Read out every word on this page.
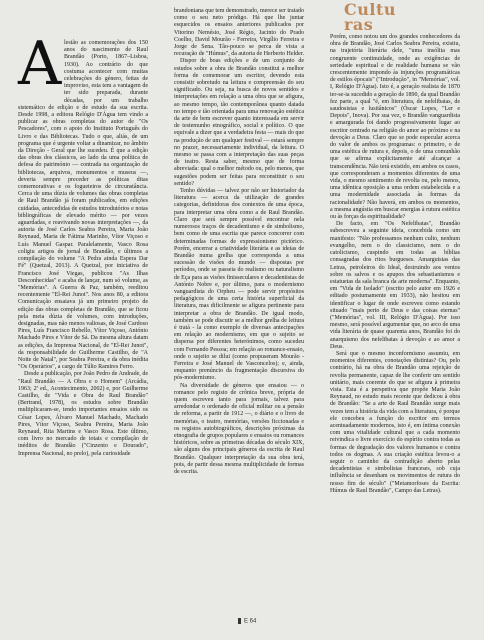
Cultu
ras
A lestão as comemorações dos 150 anos do nascimento de Raul Brandão (Porto, 1867–Lisboa, 1930). Ao contrário do que costuma acontecer com muitas celebrações do género, feitas de improviso, esta tem a vantagem de ter sido preparada, durante décadas, por um trabalho sistemático de edição e de estudo da sua escrita. Desde 1998, a editora Relógio D'Água tem vindo a publicar as obras completas do autor de "Os Pescadores", com o apoio do Instituto Português do Livro e das Bibliotecas. Tudo o que, aliás, de um programa que é urgente voltar a dinamizar, no âmbito da Direção - Geral que lhe sucedeu. É que a edição das obras dos clássicos, ao lado da uma política de defesa do património — contrada na organização de bibliotecas, arquivos, monumentos e museus —, deveria sempre preceder as políticas ditas comemorativas e os fogueteiros de circunstância. Cerca de uma dúzia de volumes das obras completas de Raul Brandão já foram publicados, em edições cuidadas, antecedidas de estudos introdutórios e notas bibliográficas de elevado mérito — por vezes aguardadas, e reavivando novas interpretações —, da autoria de José Carlos Seabra Pereira, Maria João Reynaud, Maria de Fátima Marinho, Vítor Viçoso e Luís Manuel Gaspar. Paralelamente, Vasco Rosa coligiu artigos de jornal de Brandão, e últimos a compilação do volume "A Pedra ainda Espera Dar Fé" (Quetzal, 2013). A Quetzal, por iniciativa de Francisco José Viegas, publicou "As Ilhas Desconhecidas" e acaba de lançar, num só volume, as "Memórias". A Guerra & Paz, também, reeditou recentemente "El-Rei Junot". Nos anos 80, a editora Comunicação ensaiava já um primeiro projeto de edição das obras completas de Brandão, que se ficou pela meia dúzia de volumes, com introduções, designadas, mas não menos valiosas, de José Cardoso Pires, Luís Francisco Rebello, Vítor Viçoso, António Machado Pires e Vítor de Sá. Da mesma altura datam as edições, da Imprensa Nacional, de "El-Rei Junot", da responsabilidade de Guilherme Castilho, de "A Noite de Natal", por Seabra Pereira, e da obra inédita "Os Operários", a cargo de Túlio Ramires Ferro.

Desde a publicação, por João Pedro de Andrade, de "Raul Brandão — A Obra e o Homem" (Arcádia, 1963; 2ª ed., Acontecimento, 2002) e, por Guilherme Castilho, de "Vida e Obra de Raul Brandão" (Bertrand, 1978), os estudos sobre Brandão multiplicaram-se, tendo importantes ensaios sido os César Lopes, Álvaro Manuel Machado, Machado Pires, Vítor Viçoso, Seabra Pereira, Maria João Reynaud, Rita Martins e Vasco Rosa. Este último, com livro no mercado de totais e compilação de inéditos de Brandão ("Cinzento e Dourado", Imprensa Nacional, no prelo), pela curiosidade

brandoniana que tem demonstrado, merece ser tratado como o seu neto pródigo. Há que lhe juntar esquecidos os ensaios anteriores publicados por Vitorino Nemésio, José Régio, Jacinto do Prado Coelho, David Mourão - Ferreira, Virgílio Ferreira e Jorge de Sena. Tão-pouco se perca de vista a recuração de "Húmus", da autoria de Herberto Helder.

Dispor de boas edições e de um conjunto de estudos sobre a obra de Brandão constitui a melhor forma de comemorar um escritor, devendo esta consistir sobretudo na leitura e compreensão do seu significado. Ou seja, na busca de novos sentidos e interpretações em relação a uma obra que se afigura, ao mesmo tempo, tão contemporânea quanto datada no tempo e tão orientada para uma renovação estética da arte de bem escrever quanto interessada em servir de testemunho etnográfico, social e político. O que equivale a dizer que a verdadeira festa — mais do que na produção de um qualquer festival — estará sempre no prazer, necessariamente individual, da leitura. O mesmo se passa com a interpretação das suas peças de teatro. Resta saber, mesmo que de forma abreviada: qual o melhor método ou, pelo menos, que sugestões podem ser feitas para reconstituir o seu sentido?

Tenho dúvidas — talvez por não ser historiador da literatura — acerca da utilização de grandes categorias, definidoras dos contextos de uma época, para interpretar uma obra como a de Raul Brandão. Claro que será sempre possível encontrar nela numerosos traços de decadentismo e de simbolismo, bem como de uma escrita que parece concorrer com determinadas formas de expressionismo pictórico. Porém, encerrar a criatividade literária e as ideias de Brandão numa grelha que corresponda a uma sucessão de visões do mundo — dispostas por períodos, onde se passeia do realismo ou naturalismo de Eça para as visões finisseculares e decadentistas de António Nobre e, por último, para o modernismo vanguardista do Orpheu — pode servir propósitos pedagógicos de uma certa história superficial da literatura, mas dificilmente se afigura pertinente para interpretar a obra de Brandão. De igual modo, também se pode discutir se a melhor grelha de leitura é tratá - la como exemplo de diversas antecipações em relação ao modernismo, em que o sujeito se dispersa por diferentes heterónimos, como sucedeu com Fernando Pessoa; em relação ao romance-ensaio, onde o sujeito se dilui (como propuseram Mourão - Ferreira e José Manuel de Vasconcelos); e, ainda, enquanto prenúncio da fragmentação discursiva do pós-modernismo.

Na diversidade de géneros que ensaiou — o romance pelo registo de crônica breve, própria de quem escreveu tanto para jornais, talvez para arredondar o ordenado de oficial militar ou a pensão de reforma, a partir de 1912 —, o diário e o livro de memórias, o teatro, memórias, versões ficcionadas e os registos autobiográficos, descrições próximas da etnografia de grupos populares e ensaios ou romances históricos, sobre as primeiras décadas do século XIX, são alguns dos principais géneros da escrita de Raul Brandão. Qualquer interpretação da sua obra terá, pois, de partir dessa mesma multiplicidade de formas de escrita.

Porém, como notou um dos grandes conhecedores da obra de Brandão, José Carlos Seabra Pereira, existiu, na trajetória literária dele, "uma insólita mas congruente continuidade, onde as exigências de seriedade espiritual e de realidade humana se vão crescentemente impondo às injunções programáticas de estilos épocais" ("Introdução", in "Memórias", vol. I, Relógio D'Água). Isto é, a geração realista de 1870 ter-se-ia sucedido a geração de 1890, da qual Brandão fez parte, a qual "é, em literatura, de nefelibatas, de saudosistas e lusitânicos" (Óscar Lopes, "Ler e Depois", Inova). Por sua vez, o Brandão vanguardista e amargurada foi dando progressivamente lugar ao escritor centrado na religião do amor ao próximo e na devoção a Deus. Claro que se pode especular acerca do valor de ambos os programas: o primeiro, o de uma estética de rutura e, depois, o de uma comunhão que se afirma explicitamente até alcançar a transcendência. Não terá existido, em ambos os casos, que corresponderam a momentos diferentes de uma vida, o mesmo sentimento de revolta ou, pelo menos, uma idêntica oposição a uma ordem estabelecida e a uma modernidade associada às formas da racionalidade? Não haverá, em ambos os momentos, a mesma angústia em buscar energias à rutura estética ou às forças da espiritualidade?

De facto, em "Os Nefelibatas", Brandão subescreveu a seguinte ideia, concebida como um manifesto: "Não professamos nenhum culto, nenhum evangelho, nem o do classicismo, nem o do catolicismo, cuspindo em todas as bíblias consagradas dos ritos burgueses. Amarguistas das Letras, petroleiros do Ideal, destruindo aos ventos sobre os salvos e os apupos dos sebastianismos e estatuetas da sala branca da arte moderna". Enquanto, em "Vida de Isolado" (escrito pelo autor em 1926 e editado postumamente em 1933), não hesitou em identificar o lugar de onde escreveu como estando situado "mais perto de Deus e das coisas eternas" ("Memórias", vol. III, Relógio D'Água). Por isso mesmo, será possível argumentar que, no arco de uma vida literária de quase quarenta anos, Brandão foi do anarquismo dos nefelibatas à devoção e ao amor a Deus.

Será que o mesmo inconformismo assumiu, em momentos diferentes, conotações distintas? Ou, pelo contrário, há na obra de Brandão uma rejeição de revolta permanente, capaz de lhe conferir um sentido unitário, mais coerente do que se afigura à primeira vista. Esta é a perspetiva que propõe Maria João Reynaud, no estudo mais recente que dedicou à obra de Brandão: "Se a arte de Raul Brandão surge mais vezes tem a história da vida com a literatura, é porque ele concebeu a função do escritor em termos acentuadamente modernos, isto é, em íntima conexão com uma vitalidade cultural que a cada momento reivindica o livre exercício do espírito contra todas as formas de degradação dos valores humanos e contra todos os dogmas. A sua criação estética levou-o a seguir o caminho da contradição aberto pelas decadentistas e simbolistas franceses, sob cuja influência se desenham os movimentos de rutura do nosso fim de século" ("Metamorfoses da Escrita: Húmus de Raul Brandão", Campo das Letras).

E 64
